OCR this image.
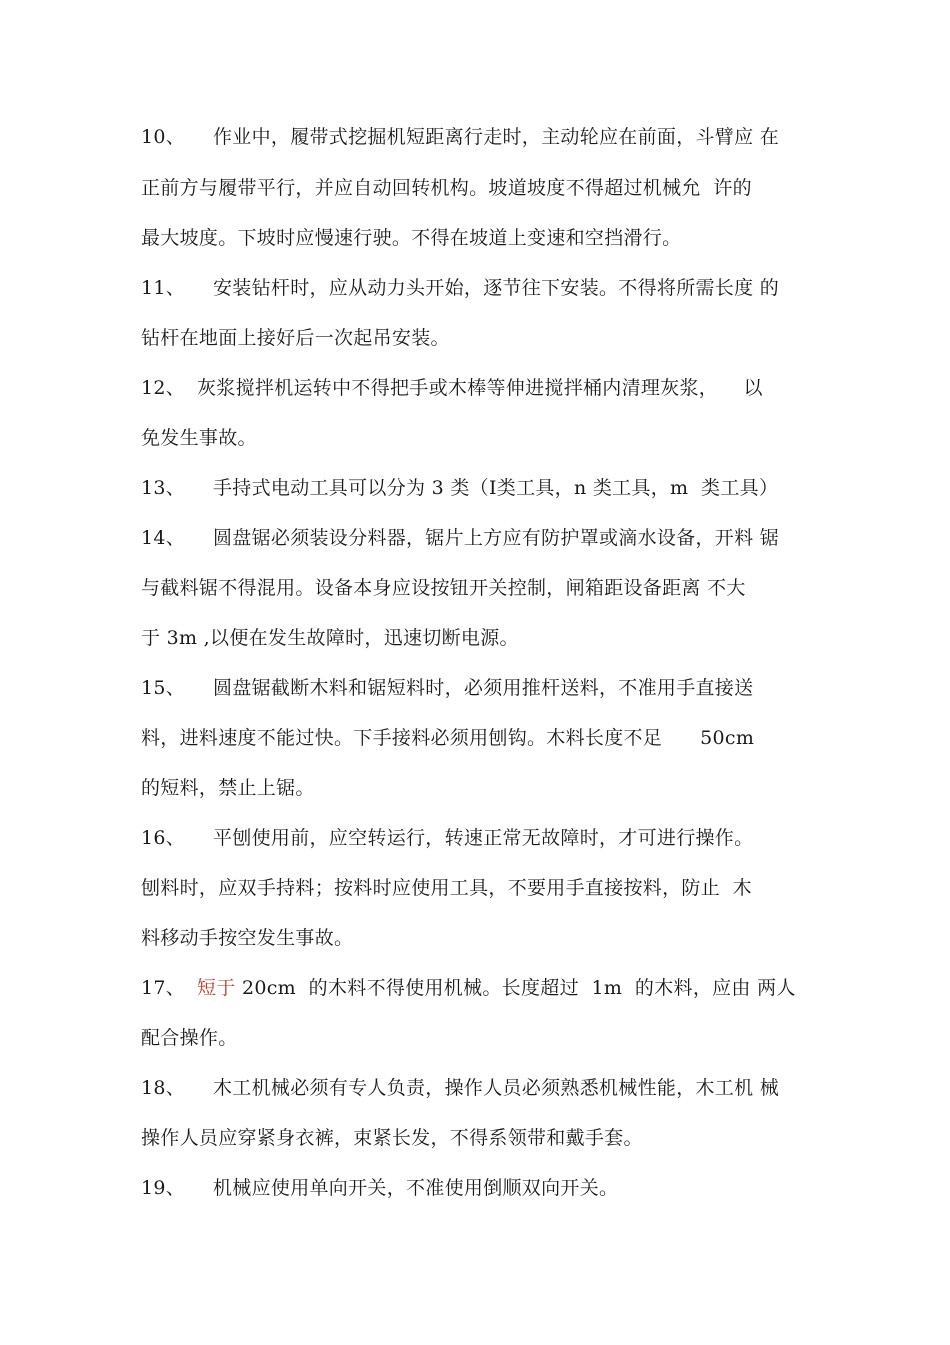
10、 作业中，履带式挖掘机短距离行走时，主动轮应在前面，斗臂应 在
正前方与履带平行，并应自动回转机构。坡道坡度不得超过机械允  许的
最大坡度。下坡时应慢速行驶。不得在坡道上变速和空挡滑行。
11、 安装钻杆时，应从动力头开始，逐节往下安装。不得将所需长度 的
钻杆在地面上接好后一次起吊安装。
12、 灰浆搅拌机运转中不得把手或木棒等伸进搅拌桶内清理灰浆，    以
免发生事故。
13、 手持式电动工具可以分为 3 类（I类工具，n 类工具，m  类工具）
14、 圆盘锯必须装设分料器，锯片上方应有防护罩或滴水设备，开料 锯
与截料锯不得混用。设备本身应设按钮开关控制，闸箱距设备距离 不大
于 3m ,以便在发生故障时，迅速切断电源。
15、 圆盘锯截断木料和锯短料时，必须用推杆送料，不准用手直接送
料，进料速度不能过快。下手接料必须用刨钩。木料长度不足      50cm
的短料，禁止上锯。
16、 平刨使用前，应空转运行，转速正常无故障时，才可进行操作。
刨料时，应双手持料；按料时应使用工具，不要用手直接按料，防止  木
料移动手按空发生事故。
17、 短于 20cm  的木料不得使用机械。长度超过  1m  的木料，应由 两人
配合操作。
18、 木工机械必须有专人负责，操作人员必须熟悉机械性能，木工机 械
操作人员应穿紧身衣裤，束紧长发，不得系领带和戴手套。
19、 机械应使用单向开关，不准使用倒顺双向开关。
